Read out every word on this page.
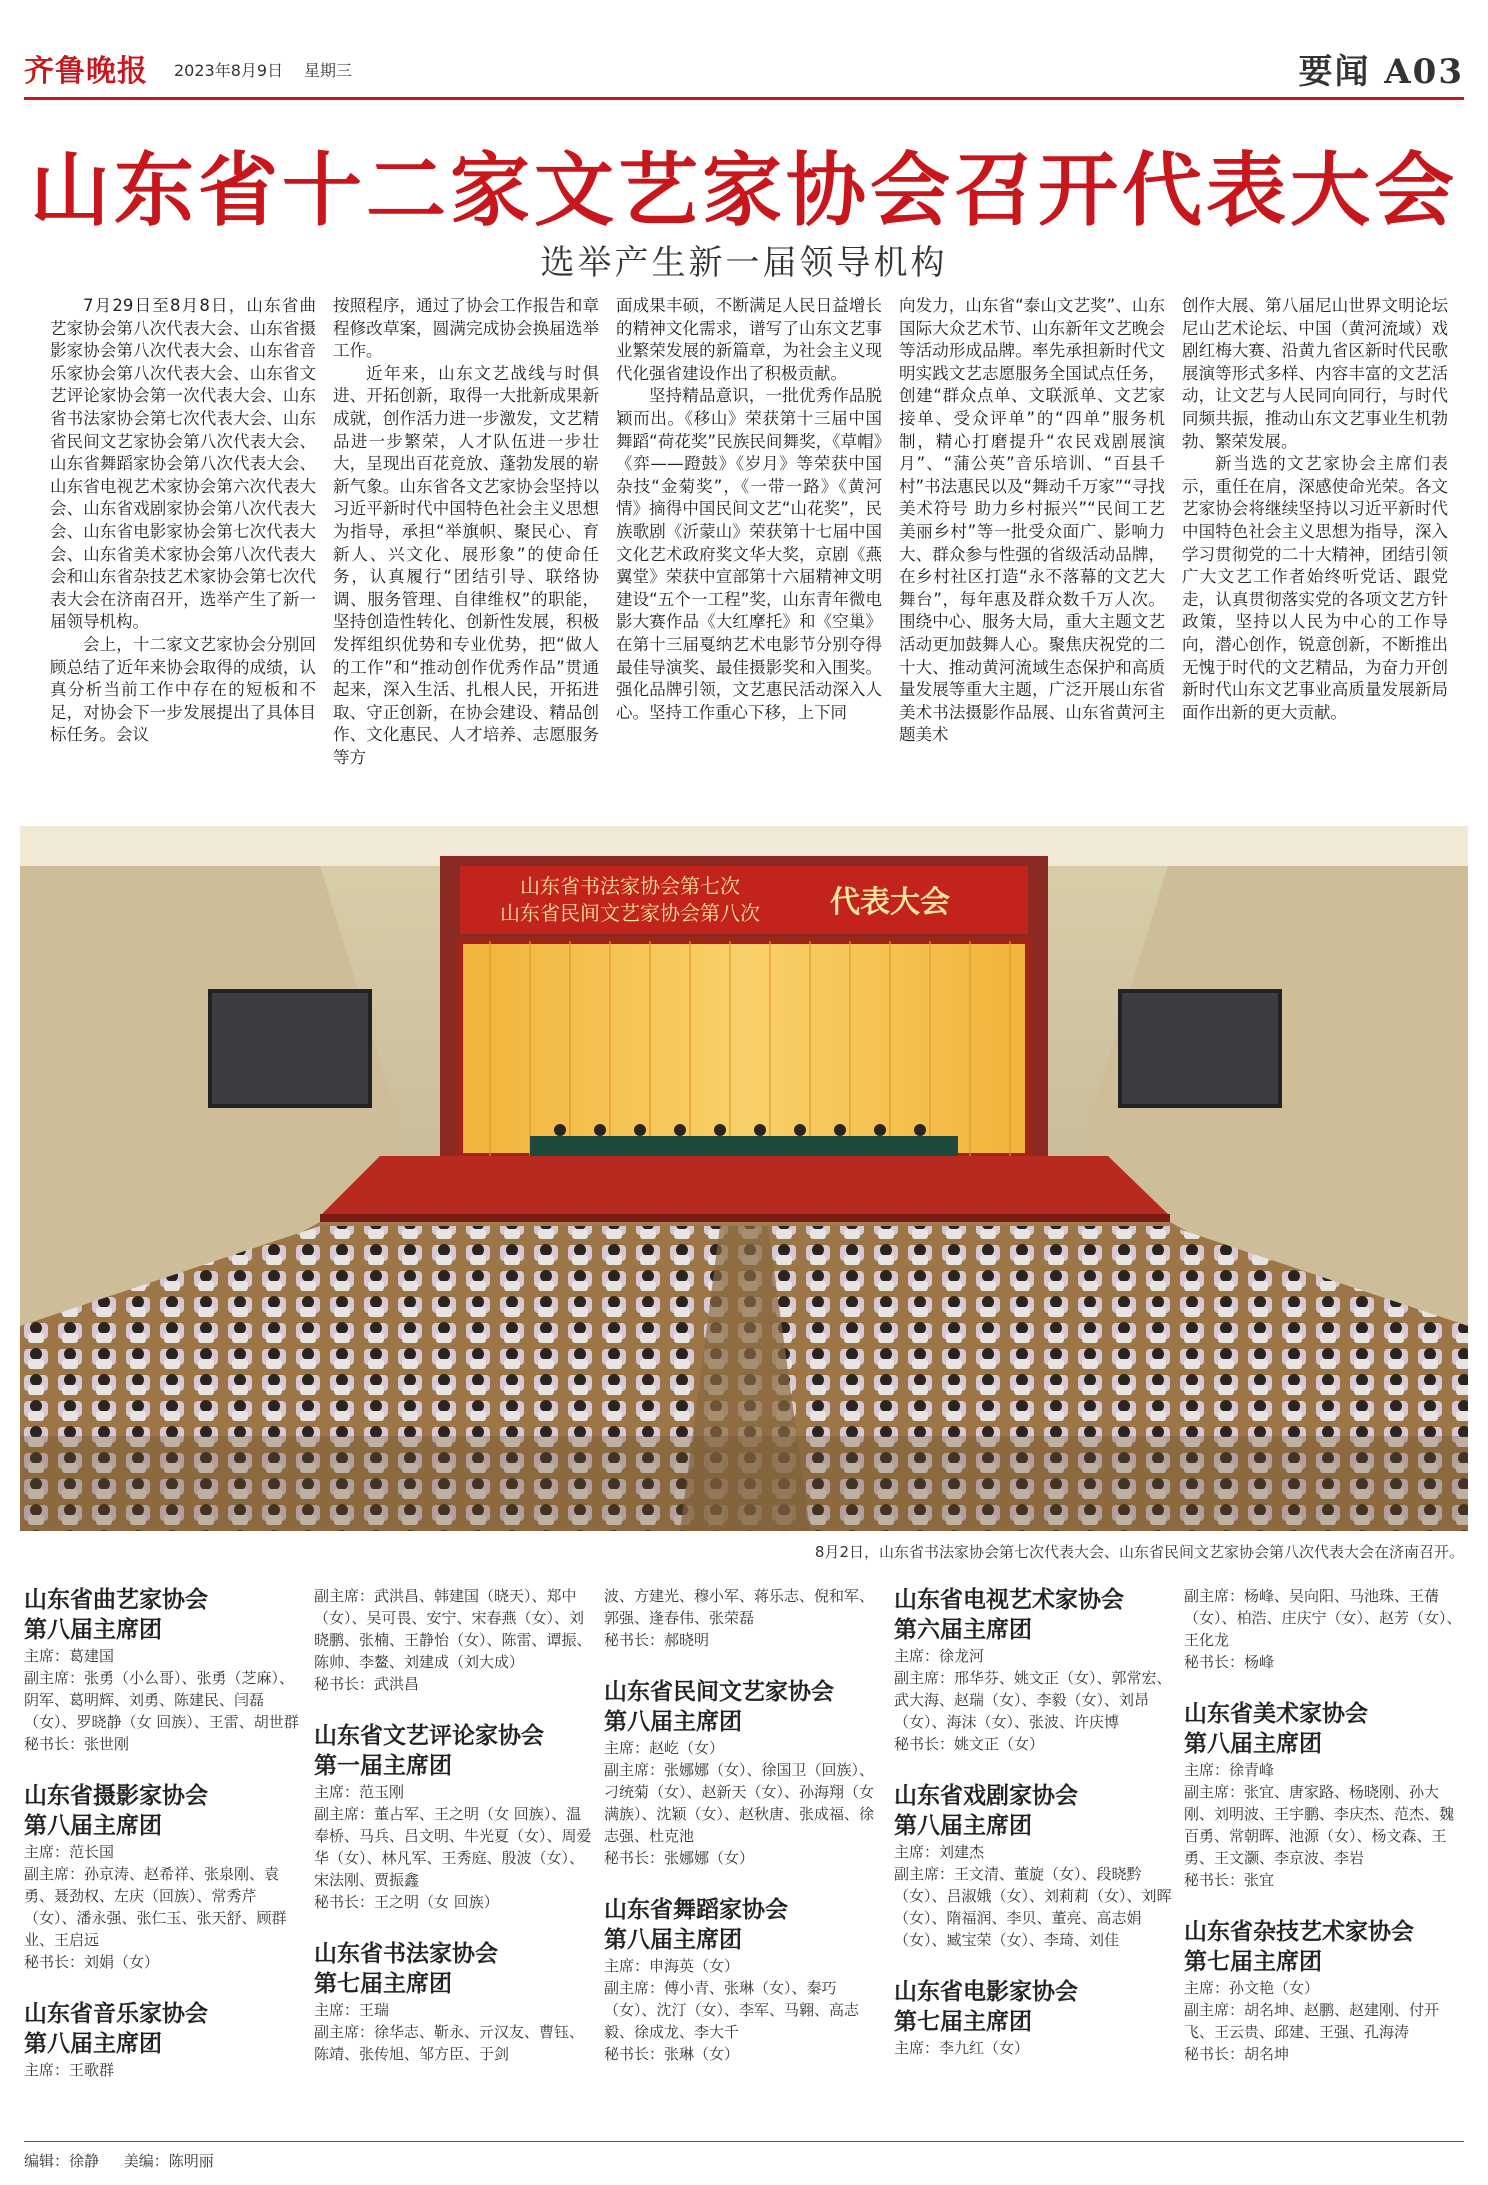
齐鲁晚报 2023年8月9日 星期三	要闻 A03
山东省十二家文艺家协会召开代表大会
选举产生新一届领导机构

7月29日至8月8日，山东省曲艺家协会第八次代表大会、山东省摄影家协会第八次代表大会、山东省音乐家协会第八次代表大会、山东省文艺评论家协会第一次代表大会、山东省书法家协会第七次代表大会、山东省民间文艺家协会第八次代表大会、山东省舞蹈家协会第八次代表大会、山东省电视艺术家协会第六次代表大会、山东省戏剧家协会第八次代表大会、山东省电影家协会第七次代表大会、山东省美术家协会第八次代表大会和山东省杂技艺术家协会第七次代表大会在济南召开，选举产生了新一届领导机构。

会上，十二家文艺家协会分别回顾总结了近年来协会取得的成绩，认真分析当前工作中存在的短板和不足，对协会下一步发展提出了具体目标任务。会议

按照程序，通过了协会工作报告和章程修改草案，圆满完成协会换届选举工作。

近年来，山东文艺战线与时俱进、开拓创新，取得一大批新成果新成就，创作活力进一步激发，文艺精品进一步繁荣，人才队伍进一步壮大，呈现出百花竞放、蓬勃发展的崭新气象。山东省各文艺家协会坚持以习近平新时代中国特色社会主义思想为指导，承担“举旗帜、聚民心、育新人、兴文化、展形象”的使命任务，认真履行“团结引导、联络协调、服务管理、自律维权”的职能，坚持创造性转化、创新性发展，积极发挥组织优势和专业优势，把“做人的工作”和“推动创作优秀作品”贯通起来，深入生活、扎根人民，开拓进取、守正创新，在协会建设、精品创作、文化惠民、人才培养、志愿服务等方

面成果丰硕，不断满足人民日益增长的精神文化需求，谱写了山东文艺事业繁荣发展的新篇章，为社会主义现代化强省建设作出了积极贡献。

坚持精品意识，一批优秀作品脱颖而出。《移山》荣获第十三届中国舞蹈“荷花奖”民族民间舞奖，《草帽》《弈——蹬鼓》《岁月》等荣获中国杂技“金菊奖”，《一带一路》《黄河情》摘得中国民间文艺“山花奖”，民族歌剧《沂蒙山》荣获第十七届中国文化艺术政府奖文华大奖，京剧《燕翼堂》荣获中宣部第十六届精神文明建设“五个一工程”奖，山东青年微电影大赛作品《大红摩托》和《空巢》在第十三届戛纳艺术电影节分别夺得最佳导演奖、最佳摄影奖和入围奖。强化品牌引领，文艺惠民活动深入人心。坚持工作重心下移，上下同

向发力，山东省“泰山文艺奖”、山东国际大众艺术节、山东新年文艺晚会等活动形成品牌。率先承担新时代文明实践文艺志愿服务全国试点任务，创建“群众点单、文联派单、文艺家接单、受众评单”的“四单”服务机制，精心打磨提升“农民戏剧展演月”、“蒲公英”音乐培训、“百县千村”书法惠民以及“舞动千万家”“寻找美术符号 助力乡村振兴”“民间工艺 美丽乡村”等一批受众面广、影响力大、群众参与性强的省级活动品牌，在乡村社区打造“永不落幕的文艺大舞台”，每年惠及群众数千万人次。围绕中心、服务大局，重大主题文艺活动更加鼓舞人心。聚焦庆祝党的二十大、推动黄河流域生态保护和高质量发展等重大主题，广泛开展山东省美术书法摄影作品展、山东省黄河主题美术

创作大展、第八届尼山世界文明论坛尼山艺术论坛、中国（黄河流域）戏剧红梅大赛、沿黄九省区新时代民歌展演等形式多样、内容丰富的文艺活动，让文艺与人民同向同行，与时代同频共振，推动山东文艺事业生机勃勃、繁荣发展。

新当选的文艺家协会主席们表示，重任在肩，深感使命光荣。各文艺家协会将继续坚持以习近平新时代中国特色社会主义思想为指导，深入学习贯彻党的二十大精神，团结引领广大文艺工作者始终听党话、跟党走，认真贯彻落实党的各项文艺方针政策，坚持以人民为中心的工作导向，潜心创作，锐意创新，不断推出无愧于时代的文艺精品，为奋力开创新时代山东文艺事业高质量发展新局面作出新的更大贡献。

山东省书法家协会第七次
山东省民间文艺家协会第八次 代表大会
8月2日，山东省书法家协会第七次代表大会、山东省民间文艺家协会第八次代表大会在济南召开。
山东省曲艺家协会
第八届主席团
主席：葛建国
副主席：张勇（小么哥）、张勇（芝麻）、阴军、葛明辉、刘勇、陈建民、闫磊（女）、罗晓静（女 回族）、王雷、胡世群
秘书长：张世刚
山东省摄影家协会
第八届主席团
主席：范长国
副主席：孙京涛、赵希祥、张泉刚、袁勇、聂劲权、左庆（回族）、常秀芹（女）、潘永强、张仁玉、张天舒、顾群业、王启远
秘书长：刘娟（女）
山东省音乐家协会
第八届主席团
主席：王歌群
副主席：武洪昌、韩建国（晓天）、郑中（女）、吴可畏、安宁、宋春燕（女）、刘晓鹏、张楠、王静怡（女）、陈雷、谭振、陈帅、李鳌、刘建成（刘大成）
秘书长：武洪昌
山东省文艺评论家协会
第一届主席团
主席：范玉刚
副主席：董占军、王之明（女 回族）、温奉桥、马兵、吕文明、牛光夏（女）、周爱华（女）、林凡军、王秀庭、殷波（女）、宋法刚、贾振鑫
秘书长：王之明（女 回族）
山东省书法家协会
第七届主席团
主席：王瑞
副主席：徐华志、靳永、亓汉友、曹钰、陈靖、张传旭、邹方臣、于剑
波、方建光、穆小军、蒋乐志、倪和军、郭强、逢春伟、张荣磊
秘书长：郝晓明
山东省民间文艺家协会
第八届主席团
主席：赵屹（女）
副主席：张娜娜（女）、徐国卫（回族）、刁统菊（女）、赵新天（女）、孙海翔（女 满族）、沈颖（女）、赵秋唐、张成福、徐志强、杜克池
秘书长：张娜娜（女）
山东省舞蹈家协会
第八届主席团
主席：申海英（女）
副主席：傅小青、张琳（女）、秦巧（女）、沈汀（女）、李军、马翱、高志毅、徐成龙、李大千
秘书长：张琳（女）
山东省电视艺术家协会
第六届主席团
主席：徐龙河
副主席：邢华芬、姚文正（女）、郭常宏、武大海、赵瑞（女）、李毅（女）、刘昂（女）、海沫（女）、张波、许庆博
秘书长：姚文正（女）
山东省戏剧家协会
第八届主席团
主席：刘建杰
副主席：王文清、董旋（女）、段晓黔（女）、吕淑娥（女）、刘莉莉（女）、刘晖（女）、隋福润、李贝、董亮、高志娟（女）、臧宝荣（女）、李琦、刘佳
山东省电影家协会
第七届主席团
主席：李九红（女）
副主席：杨峰、吴向阳、马池珠、王蒨（女）、柏浩、庄庆宁（女）、赵芳（女）、王化龙
秘书长：杨峰
山东省美术家协会
第八届主席团
主席：徐青峰
副主席：张宜、唐家路、杨晓刚、孙大刚、刘明波、王宇鹏、李庆杰、范杰、魏百勇、常朝晖、池源（女）、杨文森、王勇、王文灏、李京波、李岩
秘书长：张宜
山东省杂技艺术家协会
第七届主席团
主席：孙文艳（女）
副主席：胡名坤、赵鹏、赵建刚、付开飞、王云贵、邱建、王强、孔海涛
秘书长：胡名坤
编辑：徐静 美编：陈明丽
